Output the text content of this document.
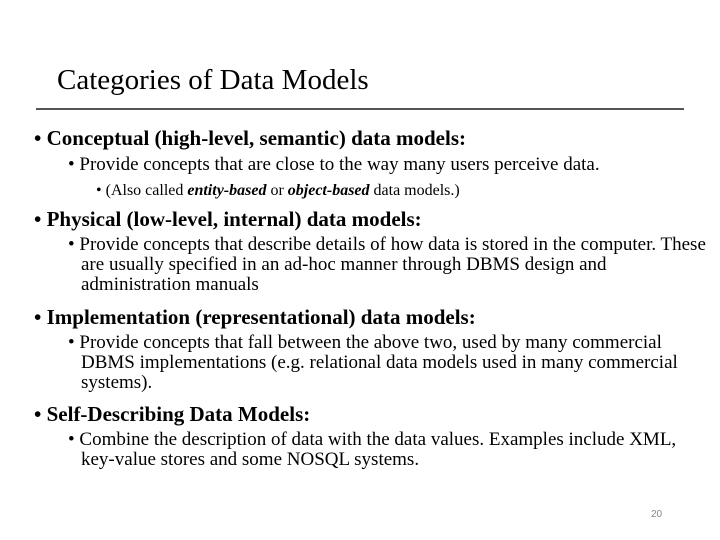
Categories of Data Models
• Conceptual (high-level, semantic) data models:
• Provide concepts that are close to the way many users perceive data.
• (Also called entity-based or object-based data models.)
• Physical (low-level, internal) data models:
• Provide concepts that describe details of how data is stored in the computer. These are usually specified in an ad-hoc manner through DBMS design and administration manuals
• Implementation (representational) data models:
• Provide concepts that fall between the above two, used by many commercial DBMS implementations (e.g. relational data models used in many commercial systems).
• Self-Describing Data Models:
• Combine the description of data with the data values. Examples include XML, key-value stores and some NOSQL systems.
20
